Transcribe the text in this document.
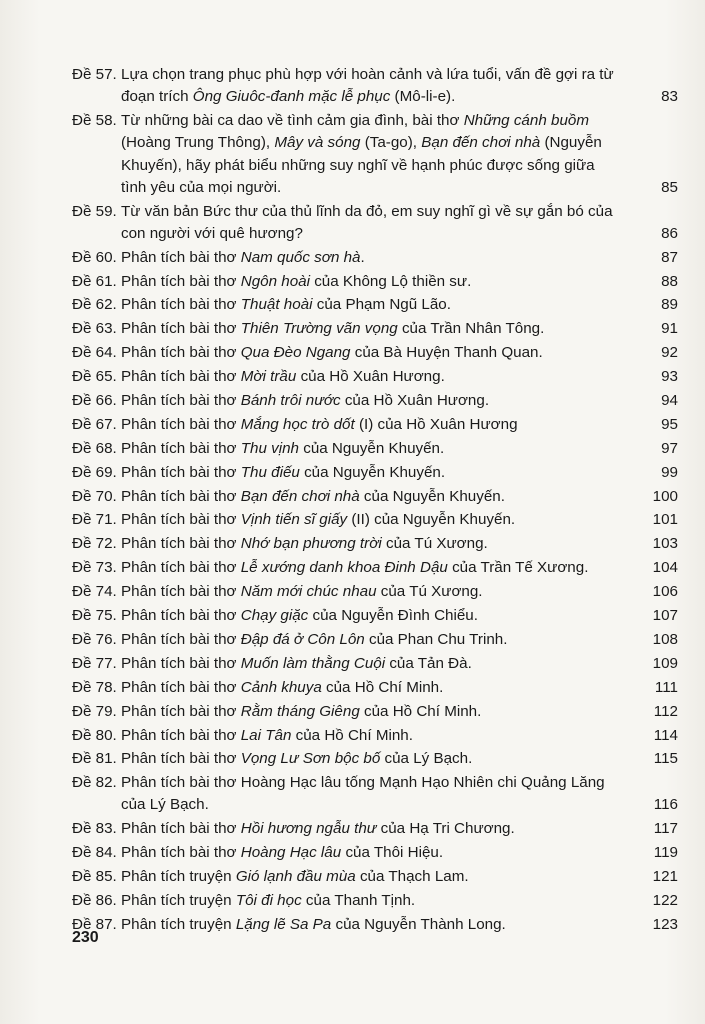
Đề 57. Lựa chọn trang phục phù hợp với hoàn cảnh và lứa tuổi, vấn đề gợi ra từ
đoạn trích Ông Giuôc-đanh mặc lễ phục (Mô-li-e).	83
Đề 58. Từ những bài ca dao về tình cảm gia đình, bài thơ Những cánh buồm
(Hoàng Trung Thông), Mây và sóng (Ta-go), Bạn đến chơi nhà (Nguyễn
Khuyến), hãy phát biểu những suy nghĩ về hạnh phúc được sống giữa
tình yêu của mọi người.	85
Đề 59. Từ văn bản Bức thư của thủ lĩnh da đỏ, em suy nghĩ gì về sự gắn bó của
con người với quê hương?	86
Đề 60. Phân tích bài thơ Nam quốc sơn hà.	87
Đề 61. Phân tích bài thơ Ngôn hoài của Không Lộ thiền sư.	88
Đề 62. Phân tích bài thơ Thuật hoài của Phạm Ngũ Lão.	89
Đề 63. Phân tích bài thơ Thiên Trường vãn vọng của Trần Nhân Tông.	91
Đề 64. Phân tích bài thơ Qua Đèo Ngang của Bà Huyện Thanh Quan.	92
Đề 65. Phân tích bài thơ Mời trầu của Hồ Xuân Hương.	93
Đề 66. Phân tích bài thơ Bánh trôi nước của Hồ Xuân Hương.	94
Đề 67. Phân tích bài thơ Mắng học trò dốt (I) của Hồ Xuân Hương	95
Đề 68. Phân tích bài thơ Thu vịnh của Nguyễn Khuyến.	97
Đề 69. Phân tích bài thơ Thu điếu của Nguyễn Khuyến.	99
Đề 70. Phân tích bài thơ Bạn đến chơi nhà của Nguyễn Khuyến.	100
Đề 71. Phân tích bài thơ Vịnh tiến sĩ giấy (II) của Nguyễn Khuyến.	101
Đề 72. Phân tích bài thơ Nhớ bạn phương trời của Tú Xương.	103
Đề 73. Phân tích bài thơ Lễ xướng danh khoa Đinh Dậu của Trần Tế Xương.	104
Đề 74. Phân tích bài thơ Năm mới chúc nhau của Tú Xương.	106
Đề 75. Phân tích bài thơ Chạy giặc của Nguyễn Đình Chiểu.	107
Đề 76. Phân tích bài thơ Đập đá ở Côn Lôn của Phan Chu Trinh.	108
Đề 77. Phân tích bài thơ Muốn làm thằng Cuội của Tản Đà.	109
Đề 78. Phân tích bài thơ Cảnh khuya của Hồ Chí Minh.	111
Đề 79. Phân tích bài thơ Rằm tháng Giêng của Hồ Chí Minh.	112
Đề 80. Phân tích bài thơ Lai Tân của Hồ Chí Minh.	114
Đề 81. Phân tích bài thơ Vọng Lư Sơn bộc bố của Lý Bạch.	115
Đề 82. Phân tích bài thơ Hoàng Hạc lâu tống Mạnh Hạo Nhiên chi Quảng Lăng
của Lý Bạch.	116
Đề 83. Phân tích bài thơ Hồi hương ngẫu thư của Hạ Tri Chương.	117
Đề 84. Phân tích bài thơ Hoàng Hạc lâu của Thôi Hiệu.	119
Đề 85. Phân tích truyện Gió lạnh đầu mùa của Thạch Lam.	121
Đề 86. Phân tích truyện Tôi đi học của Thanh Tịnh.	122
Đề 87. Phân tích truyện Lặng lẽ Sa Pa của Nguyễn Thành Long.	123
230
